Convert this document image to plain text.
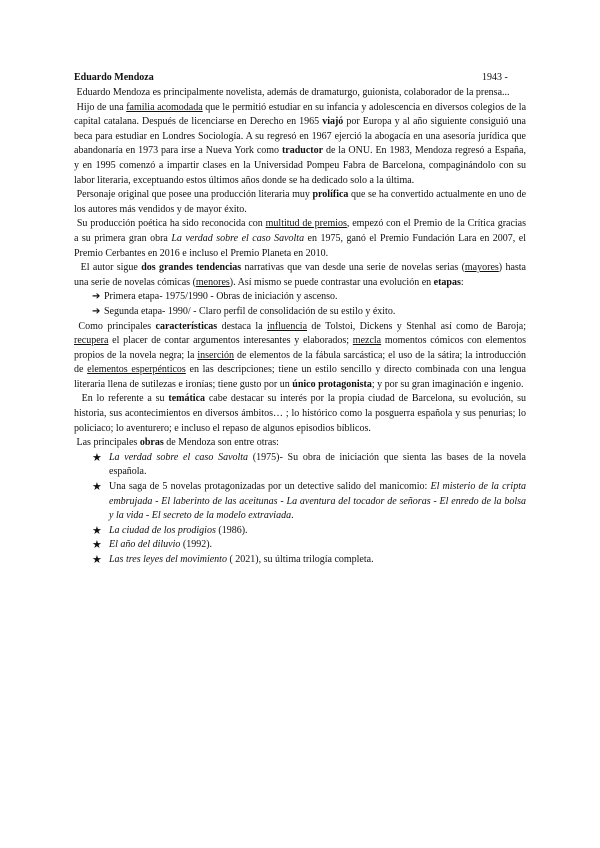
Eduardo Mendoza	1943 -

Eduardo Mendoza es principalmente novelista, además de dramaturgo, guionista, colaborador de la prensa...

Hijo de una familia acomodada que le permitió estudiar en su infancia y adolescencia en diversos colegios de la capital catalana. Después de licenciarse en Derecho en 1965 viajó por Europa y al año siguiente consiguió una beca para estudiar en Londres Sociología. A su regresó en 1967 ejerció la abogacía en una asesoría jurídica que abandonaría en 1973 para irse a Nueva York como traductor de la ONU. En 1983, Mendoza regresó a España, y en 1995 comenzó a impartir clases en la Universidad Pompeu Fabra de Barcelona, compaginándolo con su labor literaria, exceptuando estos últimos años donde se ha dedicado solo a la última.

Personaje original que posee una producción literaria muy prolífica que se ha convertido actualmente en uno de los autores más vendidos y de mayor éxito.

Su producción poética ha sido reconocida con multitud de premios, empezó con el Premio de la Crítica gracias a su primera gran obra La verdad sobre el caso Savolta en 1975, ganó el Premio Fundación Lara en 2007, el Premio Cerbantes en 2016 e incluso el Premio Planeta en 2010.

El autor sigue dos grandes tendencias narrativas que van desde una serie de novelas serias (mayores) hasta una serie de novelas cómicas (menores). Así mismo se puede contrastar una evolución en etapas:

➔ Primera etapa- 1975/1990 - Obras de iniciación y ascenso.
➔ Segunda etapa- 1990/ - Claro perfil de consolidación de su estilo y éxito.

Como principales características destaca la influencia de Tolstoi, Dickens y Stenhal así como de Baroja; recupera el placer de contar argumentos interesantes y elaborados; mezcla momentos cómicos con elementos propios de la novela negra; la inserción de elementos de la fábula sarcástica; el uso de la sátira; la introducción de elementos esperpénticos en las descripciones; tiene un estilo sencillo y directo combinada con una lengua literaria llena de sutilezas e ironías; tiene gusto por un único protagonista; y por su gran imaginación e ingenio.

En lo referente a su temática cabe destacar su interés por la propia ciudad de Barcelona, su evolución, su historia, sus acontecimientos en diversos ámbitos… ; lo histórico como la posguerra española y sus penurias; lo policiaco; lo aventurero; e incluso el repaso de algunos episodios bíblicos.

Las principales obras de Mendoza son entre otras:

★ La verdad sobre el caso Savolta (1975)- Su obra de iniciación que sienta las bases de la novela española.
★ Una saga de 5 novelas protagonizadas por un detective salido del manicomio: El misterio de la cripta embrujada - El laberinto de las aceitunas - La aventura del tocador de señoras - El enredo de la bolsa y la vida - El secreto de la modelo extraviada.
★ La ciudad de los prodigios (1986).
★ El año del diluvio (1992).
★ Las tres leyes del movimiento ( 2021), su última trilogía completa.
